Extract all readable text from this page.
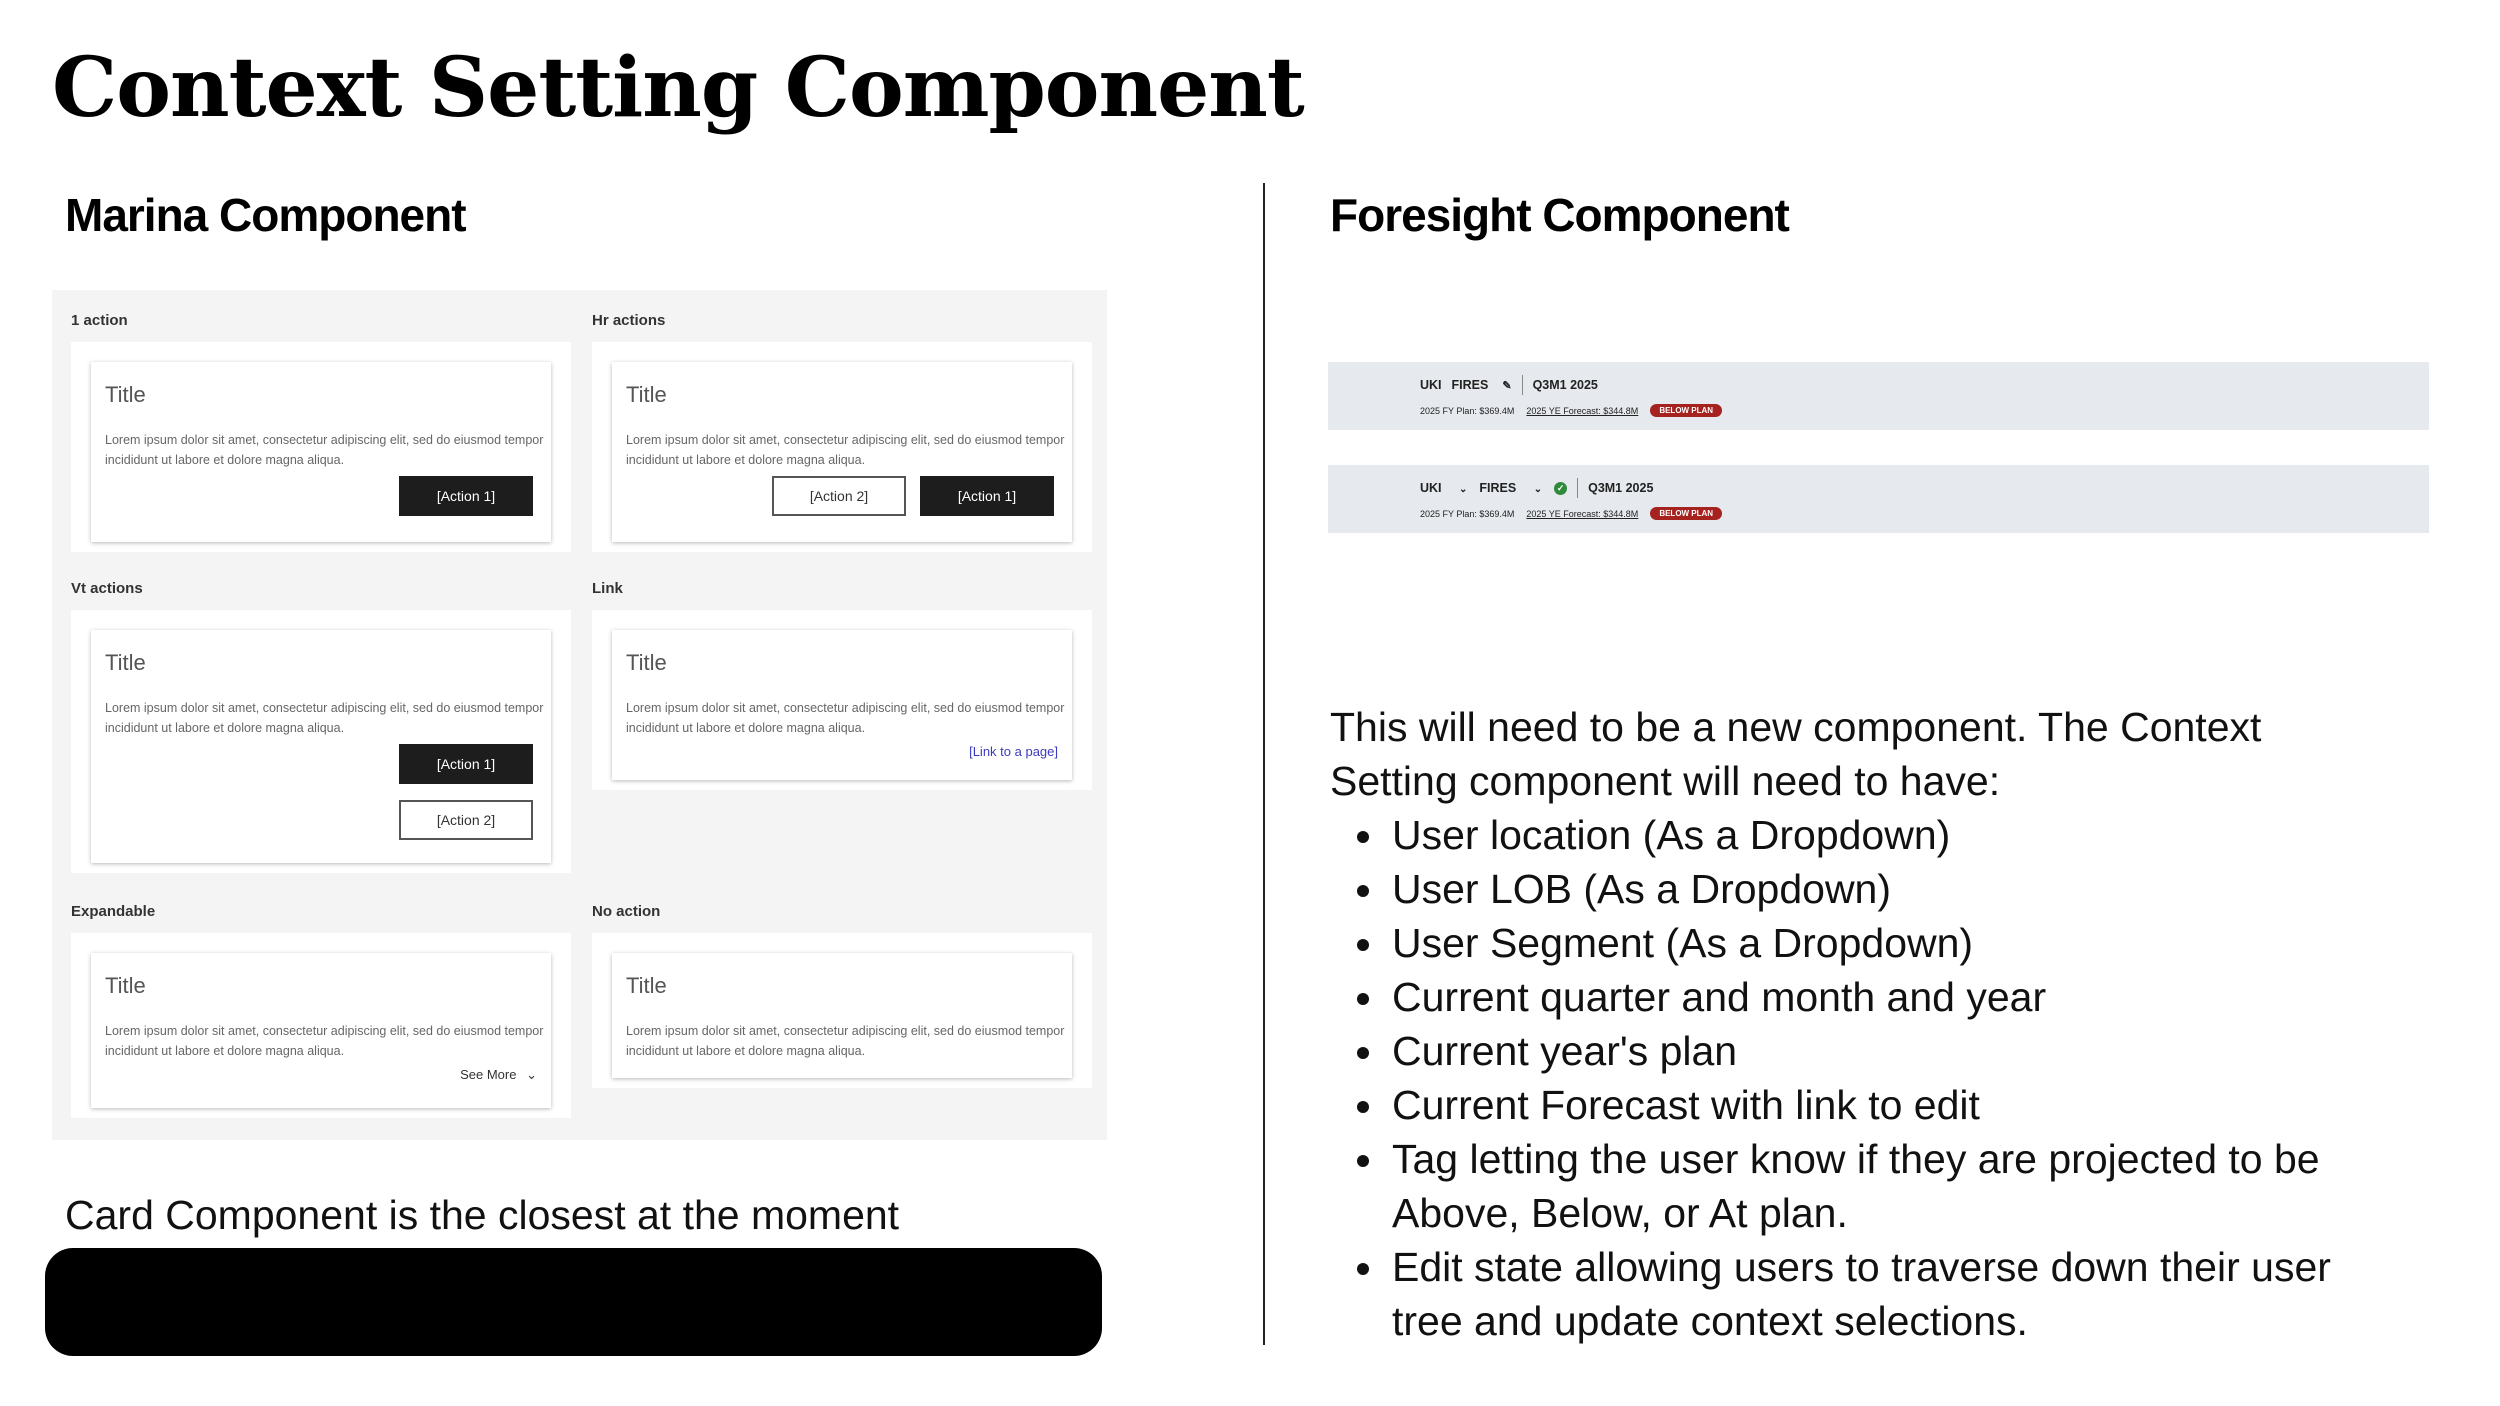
Context Setting Component
Marina Component	Foresight Component
1 action
Title
Lorem ipsum dolor sit amet, consectetur adipiscing elit, sed do eiusmod tempor incididunt ut labore et dolore magna aliqua.
[Action 1]
Hr actions
Title
Lorem ipsum dolor sit amet, consectetur adipiscing elit, sed do eiusmod tempor incididunt ut labore et dolore magna aliqua.
[Action 2]	[Action 1]
Vt actions
Title
Lorem ipsum dolor sit amet, consectetur adipiscing elit, sed do eiusmod tempor incididunt ut labore et dolore magna aliqua.
[Action 1]
[Action 2]
Link
Title
Lorem ipsum dolor sit amet, consectetur adipiscing elit, sed do eiusmod tempor incididunt ut labore et dolore magna aliqua.
[Link to a page]
Expandable
Title
Lorem ipsum dolor sit amet, consectetur adipiscing elit, sed do eiusmod tempor incididunt ut labore et dolore magna aliqua.
See More ⌄
No action
Title
Lorem ipsum dolor sit amet, consectetur adipiscing elit, sed do eiusmod tempor incididunt ut labore et dolore magna aliqua.
Card Component is the closest at the moment
UKI FIRES ✎ Q3M1 2025
2025 FY Plan: $369.4M 2025 YE Forecast: $344.8M	BELOW PLAN
UKI ⌄ FIRES ⌄	✓ Q3M1 2025
2025 FY Plan: $369.4M 2025 YE Forecast: $344.8M	BELOW PLAN
This will need to be a new component. The Context Setting component will need to have:
• User location (As a Dropdown)
• User LOB (As a Dropdown)
• User Segment (As a Dropdown)
• Current quarter and month and year
• Current year's plan
• Current Forecast with link to edit
• Tag letting the user know if they are projected to be Above, Below, or At plan.
• Edit state allowing users to traverse down their user tree and update context selections.
